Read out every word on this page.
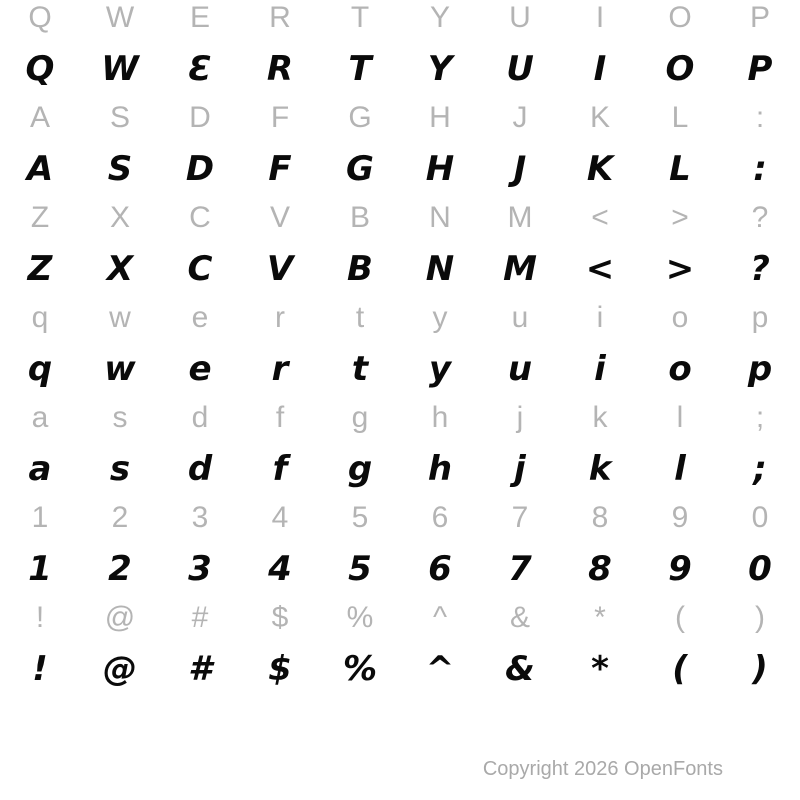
Q	W	E	R	T	Y	U	I	O	P
Q	W	Ɛ	R	T	Y	U	I	O	P
A	S	D	F	G	H	J	K	L	:
A	S	D	F	G	H	J	K	L	:
Z	X	C	V	B	N	M	<	>	?
Z	X	C	V	B	N	M	<	>	?
q	w	e	r	t	y	u	i	o	p
q	w	e	r	t	y	u	i	o	p
a	s	d	f	g	h	j	k	l	;
a	s	d	f	g	h	j	k	l	;
1	2	3	4	5	6	7	8	9	0
1	2	3	4	5	6	7	8	9	0
!	@	#	$	%	^	&	*	(	)
!	@	#	$	%	^	&	*	(	)
Copyright 2026 OpenFonts
